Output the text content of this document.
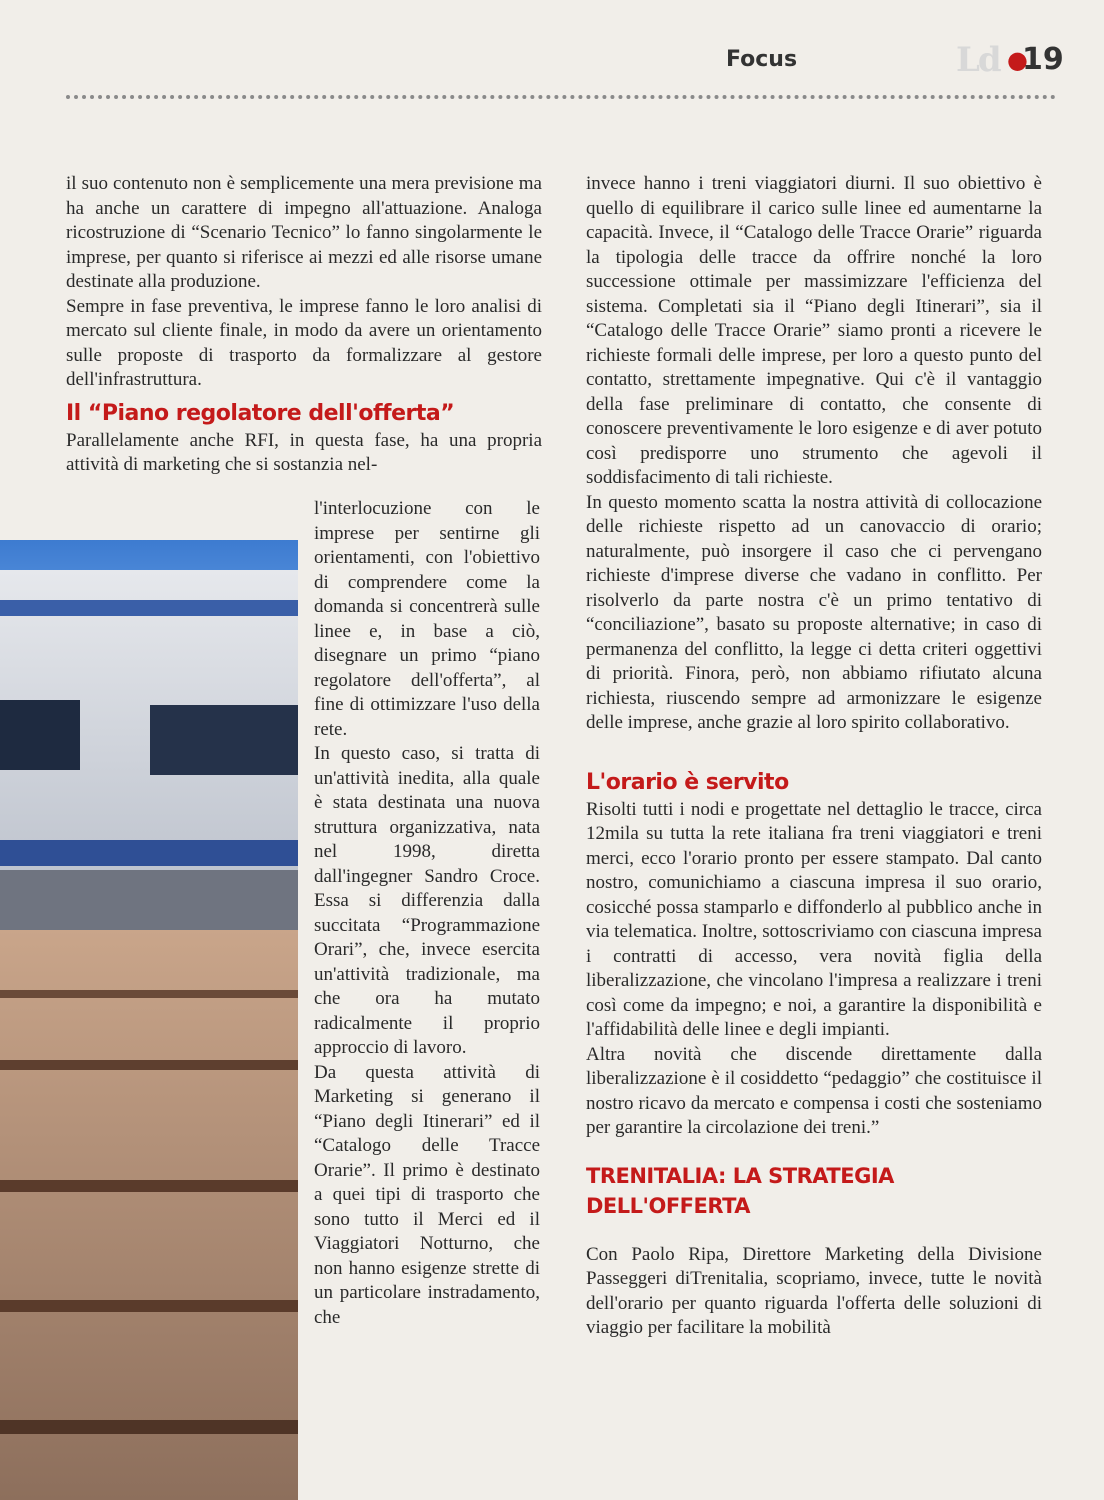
Focus	Ld ●
19

il suo contenuto non è semplicemente una mera previsione ma ha anche un carattere di impegno all'attuazione. Analoga ricostruzione di “Scenario Tecnico” lo fanno singolarmente le imprese, per quanto si riferisce ai mezzi ed alle risorse umane destinate alla produzione.

Sempre in fase preventiva, le imprese fanno le loro analisi di mercato sul cliente finale, in modo da avere un orientamento sulle proposte di trasporto da formalizzare al gestore dell'infrastruttura.

Il “Piano regolatore dell'offerta”

Parallelamente anche RFI, in questa fase, ha una propria attività di marketing che si sostanzia nel-

l'interlocuzione con le imprese per sentirne gli orientamenti, con l'obiettivo di comprendere come la domanda si concentrerà sulle linee e, in base a ciò, disegnare un primo “piano regolatore dell'offerta”, al fine di ottimizzare l'uso della rete.

In questo caso, si tratta di un'attività inedita, alla quale è stata destinata una nuova struttura organizzativa, nata nel 1998, diretta dall'ingegner Sandro Croce. Essa si differenzia dalla succitata “Programmazione Orari”, che, invece esercita un'attività tradizionale, ma che ora ha mutato radicalmente il proprio approccio di lavoro.

Da questa attività di Marketing si generano il “Piano degli Itinerari” ed il “Catalogo delle Tracce Orarie”. Il primo è destinato a quei tipi di trasporto che sono tutto il Merci ed il Viaggiatori Notturno, che non hanno esigenze strette di un particolare instradamento, che

invece hanno i treni viaggiatori diurni. Il suo obiettivo è quello di equilibrare il carico sulle linee ed aumentarne la capacità. Invece, il “Catalogo delle Tracce Orarie” riguarda la tipologia delle tracce da offrire nonché la loro successione ottimale per massimizzare l'efficienza del sistema. Completati sia il “Piano degli Itinerari”, sia il “Catalogo delle Tracce Orarie” siamo pronti a ricevere le richieste formali delle imprese, per loro a questo punto del contatto, strettamente impegnative. Qui c'è il vantaggio della fase preliminare di contatto, che consente di conoscere preventivamente le loro esigenze e di aver potuto così predisporre uno strumento che agevoli il soddisfacimento di tali richieste.

In questo momento scatta la nostra attività di collocazione delle richieste rispetto ad un canovaccio di orario; naturalmente, può insorgere il caso che ci pervengano richieste d'imprese diverse che vadano in conflitto. Per risolverlo da parte nostra c'è un primo tentativo di “conciliazione”, basato su proposte alternative; in caso di permanenza del conflitto, la legge ci detta criteri oggettivi di priorità. Finora, però, non abbiamo rifiutato alcuna richiesta, riuscendo sempre ad armonizzare le esigenze delle imprese, anche grazie al loro spirito collaborativo.

L'orario è servito

Risolti tutti i nodi e progettate nel dettaglio le tracce, circa 12mila su tutta la rete italiana fra treni viaggiatori e treni merci, ecco l'orario pronto per essere stampato. Dal canto nostro, comunichiamo a ciascuna impresa il suo orario, cosicché possa stamparlo e diffonderlo al pubblico anche in via telematica. Inoltre, sottoscriviamo con ciascuna impresa i contratti di accesso, vera novità figlia della liberalizzazione, che vincolano l'impresa a realizzare i treni così come da impegno; e noi, a garantire la disponibilità e l'affidabilità delle linee e degli impianti.

Altra novità che discende direttamente dalla liberalizzazione è il cosiddetto “pedaggio” che costituisce il nostro ricavo da mercato e compensa i costi che sosteniamo per garantire la circolazione dei treni.”

TRENITALIA: LA STRATEGIA DELL'OFFERTA

Con Paolo Ripa, Direttore Marketing della Divisione Passeggeri diTrenitalia, scopriamo, invece, tutte le novità dell'orario per quanto riguarda l'offerta delle soluzioni di viaggio per facilitare la mobilità
